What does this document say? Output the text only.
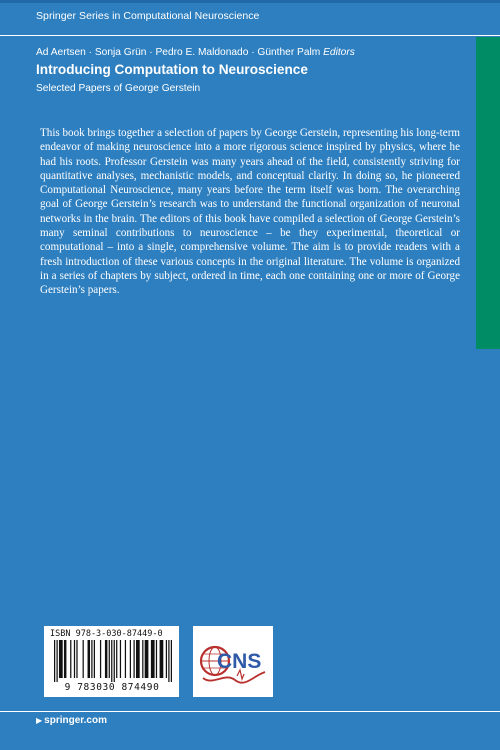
Springer Series in Computational Neuroscience
Ad Aertsen · Sonja Grün · Pedro E. Maldonado · Günther Palm Editors
Introducing Computation to Neuroscience
Selected Papers of George Gerstein

This book brings together a selection of papers by George Gerstein, representing his long-term endeavor of making neuroscience into a more rigorous science inspired by physics, where he had his roots. Professor Gerstein was many years ahead of the field, consistently striving for quantitative analyses, mechanistic models, and conceptual clarity. In doing so, he pioneered Computational Neuroscience, many years before the term itself was born. The overarching goal of George Gerstein’s research was to understand the functional organization of neuronal networks in the brain. The editors of this book have compiled a selection of George Gerstein’s many seminal contributions to neuroscience – be they experimental, theoretical or computational – into a single, comprehensive volume. The aim is to provide readers with a fresh introduction of these various concepts in the original literature. The volume is organized in a series of chapters by subject, ordered in time, each one containing one or more of George Gerstein’s papers.

ISBN 978-3-030-87449-0
9 783030 874490
CNS
▶ springer.com
